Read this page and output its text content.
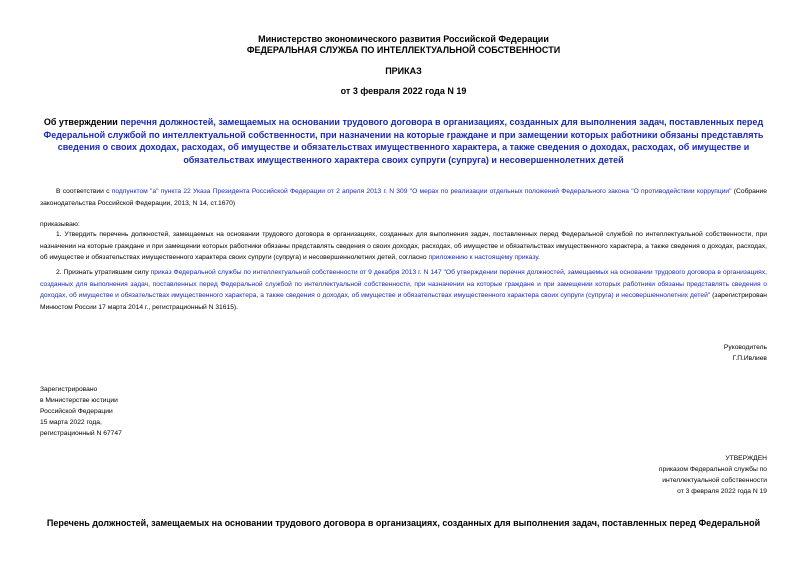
Министерство экономического развития Российской Федерации
ФЕДЕРАЛЬНАЯ СЛУЖБА ПО ИНТЕЛЛЕКТУАЛЬНОЙ СОБСТВЕННОСТИ
ПРИКАЗ
от 3 февраля 2022 года N 19
Об утверждении перечня должностей, замещаемых на основании трудового договора в организациях, созданных для выполнения задач, поставленных перед Федеральной службой по интеллектуальной собственности, при назначении на которые граждане и при замещении которых работники обязаны представлять сведения о своих доходах, расходах, об имуществе и обязательствах имущественного характера, а также сведения о доходах, расходах, об имуществе и обязательствах имущественного характера своих супруги (супруга) и несовершеннолетних детей
В соответствии с подпунктом "а" пункта 22 Указа Президента Российской Федерации от 2 апреля 2013 г. N 309 "О мерах по реализации отдельных положений Федерального закона "О противодействии коррупции" (Собрание законодательства Российской Федерации, 2013, N 14, ст.1670)
приказываю:
1. Утвердить перечень должностей, замещаемых на основании трудового договора в организациях, созданных для выполнения задач, поставленных перед Федеральной службой по интеллектуальной собственности, при назначении на которые граждане и при замещении которых работники обязаны представлять сведения о своих доходах, расходах, об имуществе и обязательствах имущественного характера, а также сведения о доходах, расходах, об имуществе и обязательствах имущественного характера своих супруги (супруга) и несовершеннолетних детей, согласно приложению к настоящему приказу.
2. Признать утратившим силу приказ Федеральной службы по интеллектуальной собственности от 9 декабря 2013 г. N 147 "Об утверждении перечня должностей, замещаемых на основании трудового договора в организациях, созданных для выполнения задач, поставленных перед Федеральной службой по интеллектуальной собственности, при назначении на которые граждане и при замещении которых работники обязаны представлять сведения о доходах, об имуществе и обязательствах имущественного характера, а также сведения о доходах, об имуществе и обязательствах имущественного характера своих супруги (супруга) и несовершеннолетних детей" (зарегистрирован Минюстом России 17 марта 2014 г., регистрационный N 31615).
Руководитель
Г.П.Ивлиев
Зарегистрировано
в Министерстве юстиции
Российской Федерации
15 марта 2022 года,
регистрационный N 67747
УТВЕРЖДЕН
приказом Федеральной службы по
интеллектуальной собственности
от 3 февраля 2022 года N 19
Перечень должностей, замещаемых на основании трудового договора в организациях, созданных для выполнения задач, поставленных перед Федеральной
